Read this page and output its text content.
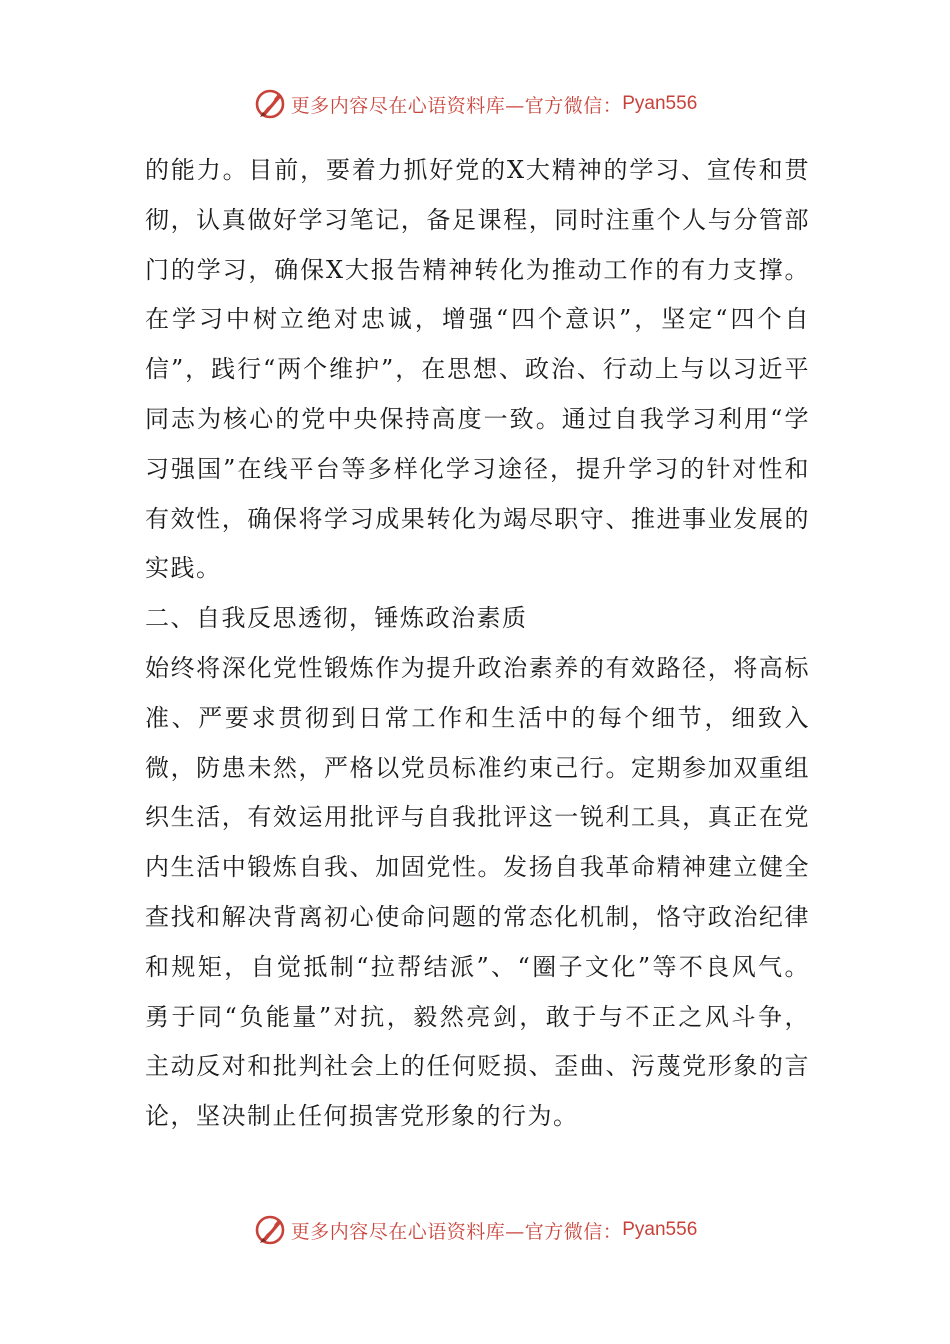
更多内容尽在心语资料库—官方微信： Pyan556

的能力。目前，要着力抓好党的X大精神的学习、宣传和贯彻，认真做好学习笔记，备足课程，同时注重个人与分管部门的学习，确保X大报告精神转化为推动工作的有力支撑。在学习中树立绝对忠诚，增强“四个意识”，坚定“四个自信”，践行“两个维护”，在思想、政治、行动上与以习近平同志为核心的党中央保持高度一致。通过自我学习利用“学习强国”在线平台等多样化学习途径，提升学习的针对性和有效性，确保将学习成果转化为竭尽职守、推进事业发展的实践。

二、自我反思透彻，锤炼政治素质

始终将深化党性锻炼作为提升政治素养的有效路径，将高标准、严要求贯彻到日常工作和生活中的每个细节，细致入微，防患未然，严格以党员标准约束己行。定期参加双重组织生活，有效运用批评与自我批评这一锐利工具，真正在党内生活中锻炼自我、加固党性。发扬自我革命精神建立健全查找和解决背离初心使命问题的常态化机制，恪守政治纪律和规矩，自觉抵制“拉帮结派”、“圈子文化”等不良风气。勇于同“负能量”对抗，毅然亮剑，敢于与不正之风斗争，主动反对和批判社会上的任何贬损、歪曲、污蔑党形象的言论，坚决制止任何损害党形象的行为。

更多内容尽在心语资料库—官方微信： Pyan556
